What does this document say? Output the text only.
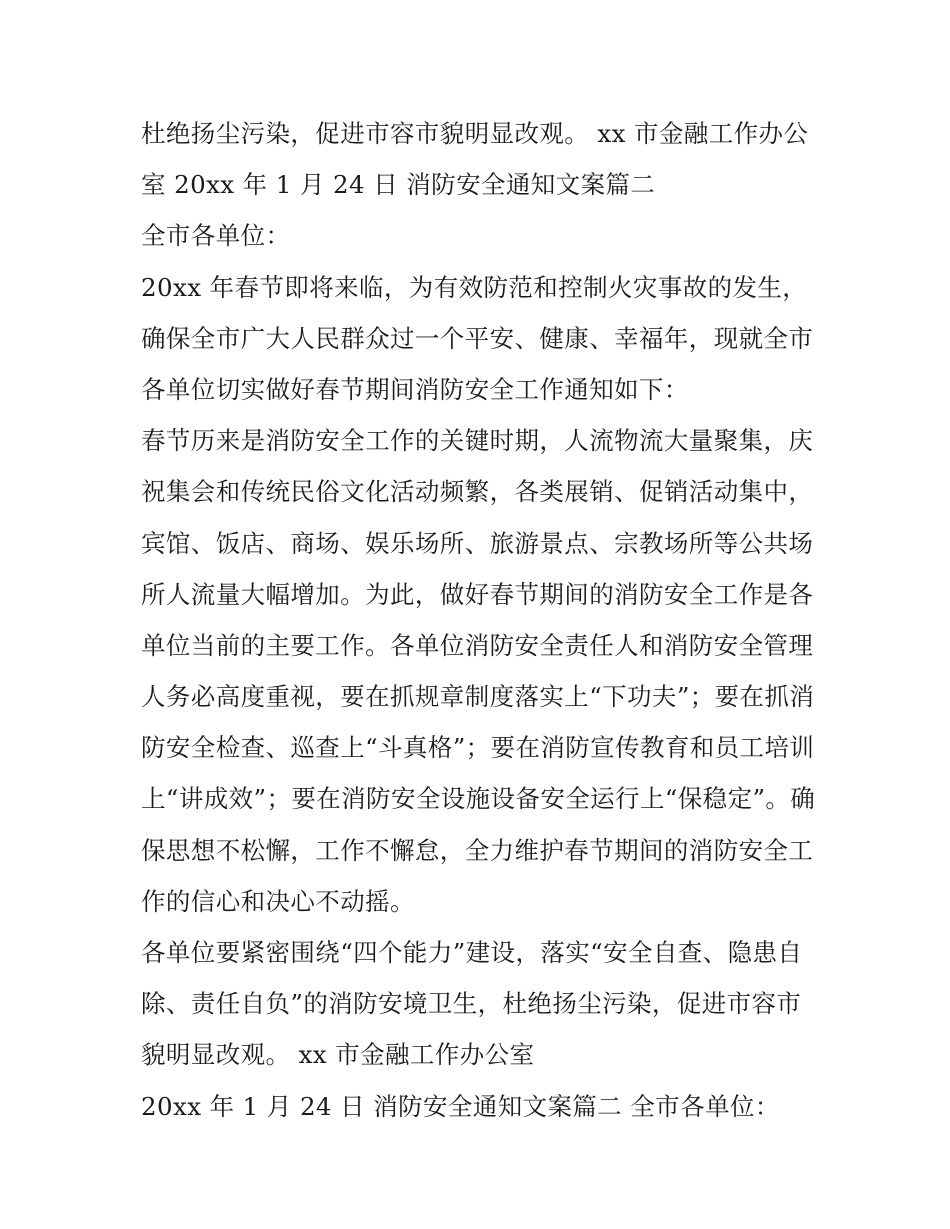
杜绝扬尘污染，促进市容市貌明显改观。 xx 市金融工作办公
室 20xx 年 1 月 24 日 消防安全通知文案篇二
全市各单位：
20xx 年春节即将来临，为有效防范和控制火灾事故的发生，
确保全市广大人民群众过一个平安、健康、幸福年，现就全市
各单位切实做好春节期间消防安全工作通知如下：
春节历来是消防安全工作的关键时期，人流物流大量聚集，庆
祝集会和传统民俗文化活动频繁，各类展销、促销活动集中，
宾馆、饭店、商场、娱乐场所、旅游景点、宗教场所等公共场
所人流量大幅增加。为此，做好春节期间的消防安全工作是各
单位当前的主要工作。各单位消防安全责任人和消防安全管理
人务必高度重视，要在抓规章制度落实上“下功夫”；要在抓消
防安全检查、巡查上“斗真格”；要在消防宣传教育和员工培训
上“讲成效”；要在消防安全设施设备安全运行上“保稳定”。确
保思想不松懈，工作不懈怠，全力维护春节期间的消防安全工
作的信心和决心不动摇。
各单位要紧密围绕“四个能力”建设，落实“安全自查、隐患自
除、责任自负”的消防安境卫生，杜绝扬尘污染，促进市容市
貌明显改观。 xx 市金融工作办公室
20xx 年 1 月 24 日 消防安全通知文案篇二 全市各单位：
